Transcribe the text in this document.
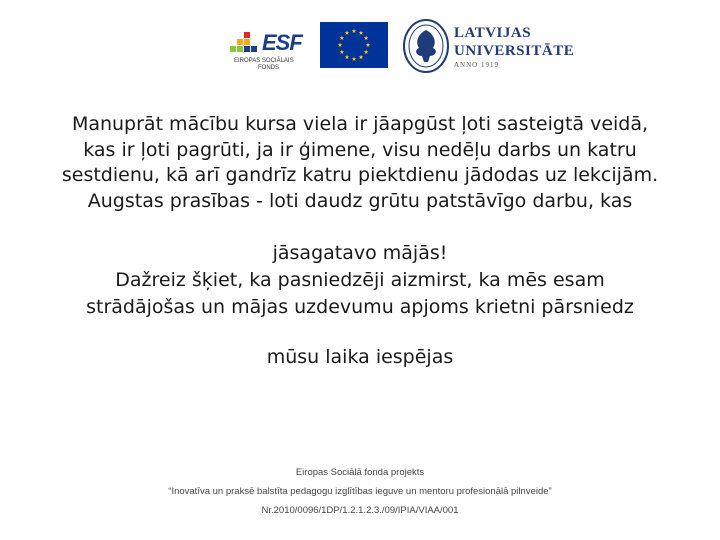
ESF
EIROPAS SOCIĀLAIS
FONDS
LATVIJAS
UNIVERSITĀTE
ANNO 1919
Manuprāt mācību kursa viela ir jāapgūst ļoti sasteigtā veidā,
kas ir ļoti pagrūti, ja ir ģimene, visu nedēļu darbs un katru
sestdienu, kā arī gandrīz katru piektdienu jādodas uz lekcijām.
Augstas prasības - loti daudz grūtu patstāvīgo darbu, kas
jāsagatavo mājās!
Dažreiz šķiet, ka pasniedzēji aizmirst, ka mēs esam
strādājošas un mājas uzdevumu apjoms krietni pārsniedz
mūsu laika iespējas
Eiropas Sociālā fonda projekts
“Inovatīva un praksē balstīta pedagogu izglītības ieguve un mentoru profesionālā pilnveide”
Nr.2010/0096/1DP/1.2.1.2.3./09/IPIA/VIAA/001
